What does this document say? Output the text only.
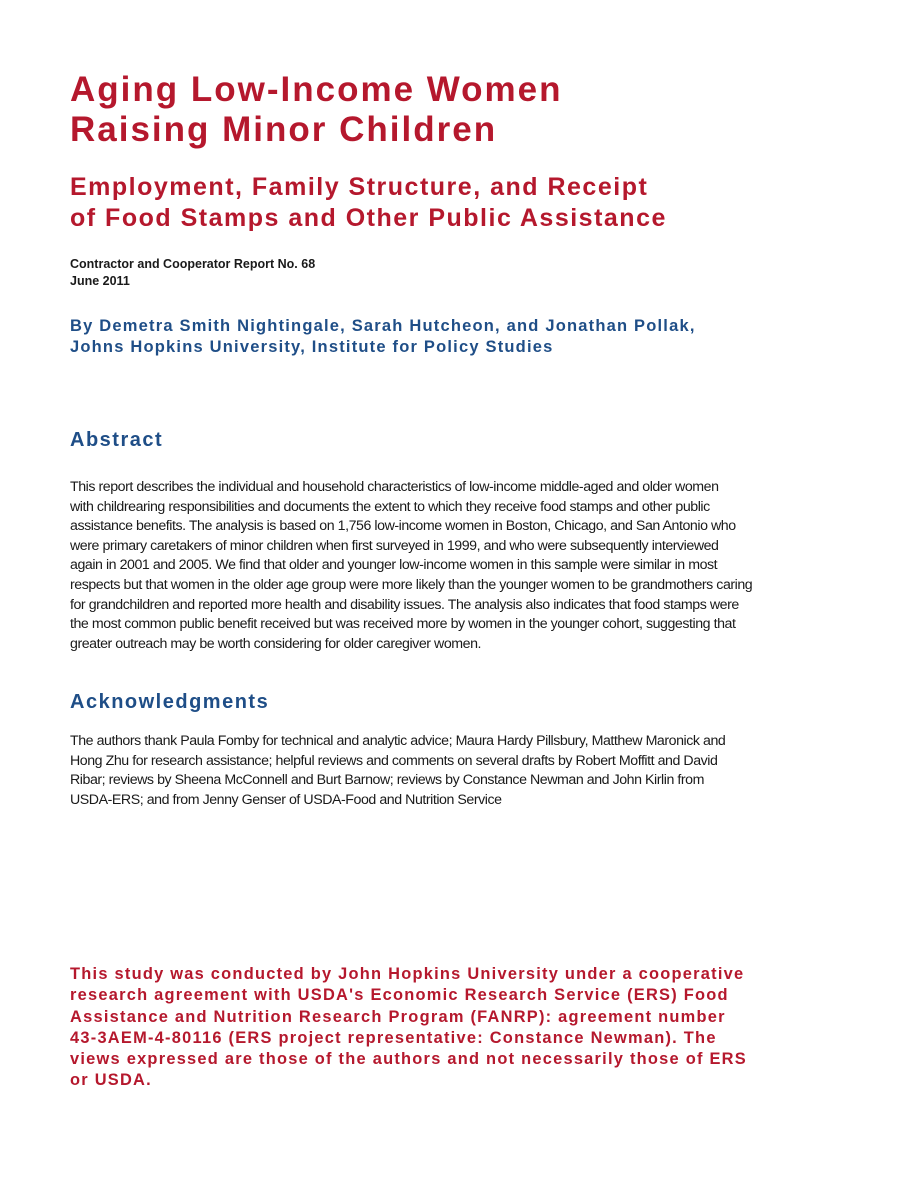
Aging Low-Income Women
Raising Minor Children
Employment, Family Structure, and Receipt
of Food Stamps and Other Public Assistance
Contractor and Cooperator Report No. 68
June 2011
By Demetra Smith Nightingale, Sarah Hutcheon, and Jonathan Pollak,
Johns Hopkins University, Institute for Policy Studies
Abstract

This report describes the individual and household characteristics of low-income middle-aged and older women
with childrearing responsibilities and documents the extent to which they receive food stamps and other public
assistance benefits. The analysis is based on 1,756 low-income women in Boston, Chicago, and San Antonio who
were primary caretakers of minor children when first surveyed in 1999, and who were subsequently interviewed
again in 2001 and 2005. We find that older and younger low-income women in this sample were similar in most
respects but that women in the older age group were more likely than the younger women to be grandmothers caring
for grandchildren and reported more health and disability issues. The analysis also indicates that food stamps were
the most common public benefit received but was received more by women in the younger cohort, suggesting that
greater outreach may be worth considering for older caregiver women.

Acknowledgments

The authors thank Paula Fomby for technical and analytic advice; Maura Hardy Pillsbury, Matthew Maronick and
Hong Zhu for research assistance; helpful reviews and comments on several drafts by Robert Moffitt and David
Ribar; reviews by Sheena McConnell and Burt Barnow; reviews by Constance Newman and John Kirlin from
USDA-ERS; and from Jenny Genser of USDA-Food and Nutrition Service

This study was conducted by John Hopkins University under a cooperative
research agreement with USDA's Economic Research Service (ERS) Food
Assistance and Nutrition Research Program (FANRP): agreement number
43-3AEM-4-80116 (ERS project representative: Constance Newman). The
views expressed are those of the authors and not necessarily those of ERS
or USDA.
